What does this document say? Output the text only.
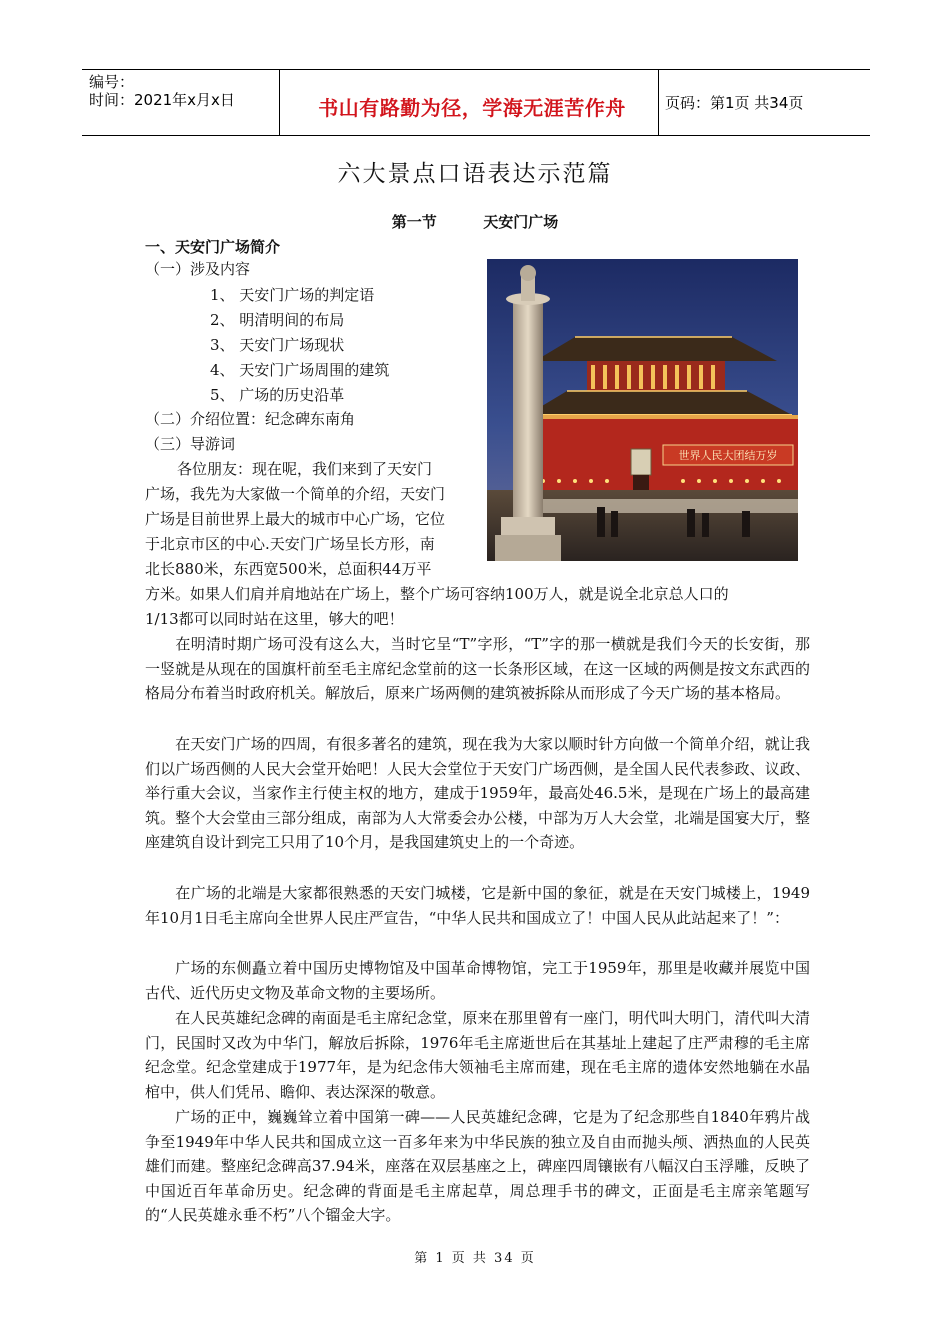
编号：
时间：2021年x月x日	书山有路勤为径，学海无涯苦作舟	页码：第1页 共34页
六大景点口语表达示范篇
第一节	天安门广场
一、天安门广场简介
（一）涉及内容
1、 天安门广场的判定语
2、 明清明间的布局
3、 天安门广场现状
4、 天安门广场周围的建筑
5、 广场的历史沿革
（二）介绍位置：纪念碑东南角
（三）导游词
各位朋友：现在呢，我们来到了天安门
广场，我先为大家做一个简单的介绍，天安门
广场是目前世界上最大的城市中心广场，它位
于北京市区的中心.天安门广场呈长方形，南
北长880米，东西宽500米，总面积44万平
方米。如果人们肩并肩地站在广场上，整个广场可容纳100万人，就是说全北京总人口的
1/13都可以同时站在这里，够大的吧！
世界人民大团结万岁
在明清时期广场可没有这么大，当时它呈“T”字形，“T”字的那一横就是我们今天的长安街，那一竖就是从现在的国旗杆前至毛主席纪念堂前的这一长条形区域，在这一区域的两侧是按文东武西的格局分布着当时政府机关。解放后，原来广场两侧的建筑被拆除从而形成了今天广场的基本格局。
在天安门广场的四周，有很多著名的建筑，现在我为大家以顺时针方向做一个简单介绍，就让我们以广场西侧的人民大会堂开始吧！人民大会堂位于天安门广场西侧，是全国人民代表参政、议政、举行重大会议，当家作主行使主权的地方，建成于1959年，最高处46.5米，是现在广场上的最高建筑。整个大会堂由三部分组成，南部为人大常委会办公楼，中部为万人大会堂，北端是国宴大厅，整座建筑自设计到完工只用了10个月，是我国建筑史上的一个奇迹。
在广场的北端是大家都很熟悉的天安门城楼，它是新中国的象征，就是在天安门城楼上，1949年10月1日毛主席向全世界人民庄严宣告，“中华人民共和国成立了！中国人民从此站起来了！”：
广场的东侧矗立着中国历史博物馆及中国革命博物馆，完工于1959年，那里是收藏并展览中国古代、近代历史文物及革命文物的主要场所。
在人民英雄纪念碑的南面是毛主席纪念堂，原来在那里曾有一座门，明代叫大明门，清代叫大清门，民国时又改为中华门，解放后拆除，1976年毛主席逝世后在其基址上建起了庄严肃穆的毛主席纪念堂。纪念堂建成于1977年，是为纪念伟大领袖毛主席而建，现在毛主席的遗体安然地躺在水晶棺中，供人们凭吊、瞻仰、表达深深的敬意。
广场的正中，巍巍耸立着中国第一碑——人民英雄纪念碑，它是为了纪念那些自1840年鸦片战争至1949年中华人民共和国成立这一百多年来为中华民族的独立及自由而抛头颅、洒热血的人民英雄们而建。整座纪念碑高37.94米，座落在双层基座之上，碑座四周镶嵌有八幅汉白玉浮雕，反映了中国近百年革命历史。纪念碑的背面是毛主席起草，周总理手书的碑文，正面是毛主席亲笔题写的“人民英雄永垂不朽”八个镏金大字。
第 1 页 共 34 页
